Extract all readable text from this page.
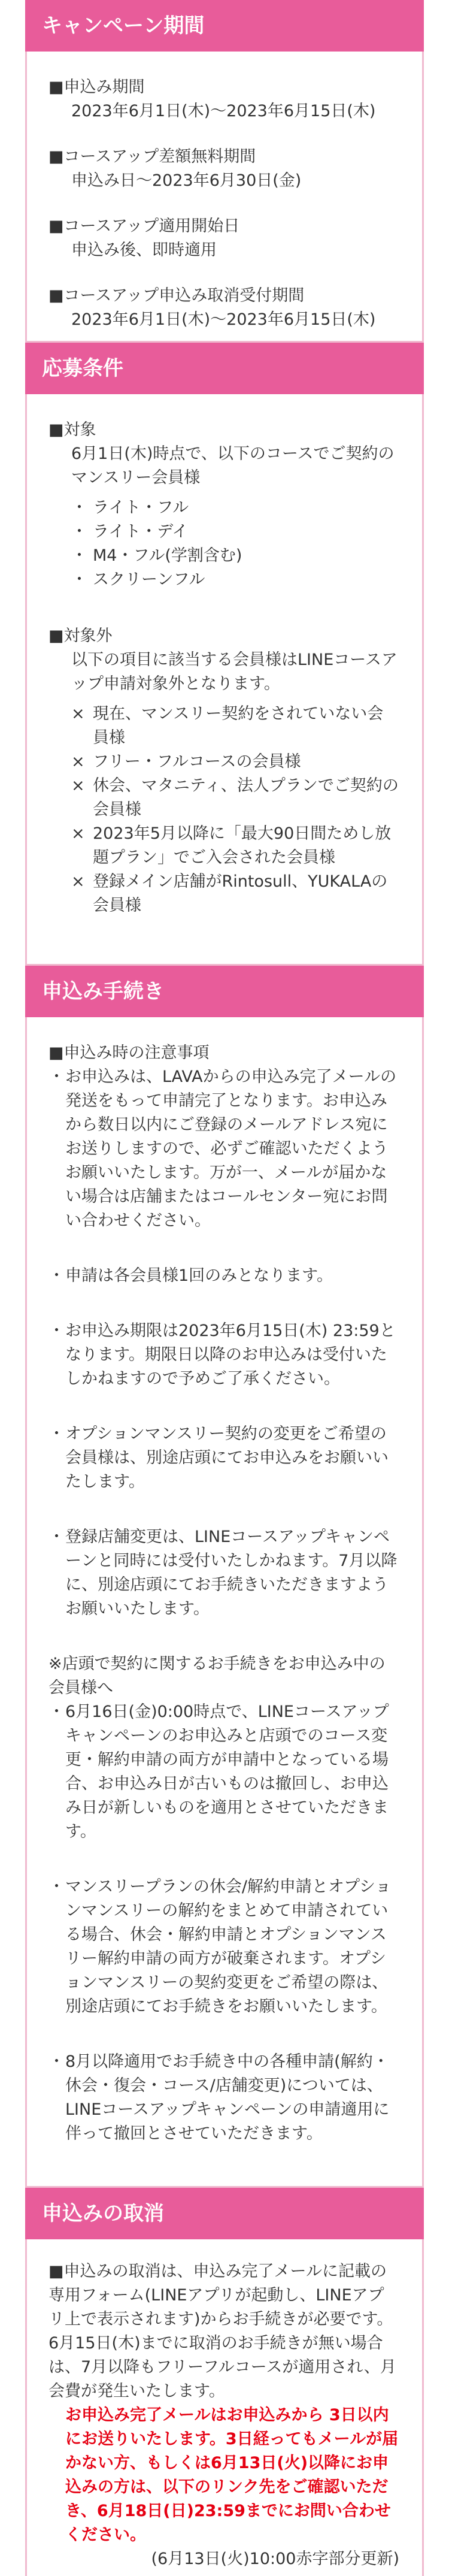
キャンペーン期間
■申込み期間
2023年6月1日(木)〜2023年6月15日(木)
■コースアップ差額無料期間
申込み日〜2023年6月30日(金)
■コースアップ適用開始日
申込み後、即時適用
■コースアップ申込み取消受付期間
2023年6月1日(木)〜2023年6月15日(木)
応募条件
■対象
6月1日(木)時点で、以下のコースでご契約のマンスリー会員様
・ ライト・フル
・ ライト・デイ
・ M4・フル(学割含む)
・ スクリーンフル
■対象外
以下の項目に該当する会員様はLINEコースアップ申請対象外となります。
× 現在、マンスリー契約をされていない会員様
× フリー・フルコースの会員様
× 休会、マタニティ、法人プランでご契約の会員様
× 2023年5月以降に「最大90日間ためし放題プラン」でご入会された会員様
× 登録メイン店舗がRintosull、YUKALAの会員様
申込み手続き
■申込み時の注意事項
・ お申込みは、LAVAからの申込み完了メールの発送をもって申請完了となります。お申込みから数日以内にご登録のメールアドレス宛にお送りしますので、必ずご確認いただくようお願いいたします。万が一、メールが届かない場合は店舗またはコールセンター宛にお問い合わせください。
・ 申請は各会員様1回のみとなります。
・ お申込み期限は2023年6月15日(木) 23:59となります。期限日以降のお申込みは受付いたしかねますので予めご了承ください。
・ オプションマンスリー契約の変更をご希望の会員様は、別途店頭にてお申込みをお願いいたします。
・ 登録店舗変更は、LINEコースアップキャンペーンと同時には受付いたしかねます。7月以降に、別途店頭にてお手続きいただきますようお願いいたします。
※店頭で契約に関するお手続きをお申込み中の会員様へ
・ 6月16日(金)0:00時点で、LINEコースアップキャンペーンのお申込みと店頭でのコース変更・解約申請の両方が申請中となっている場合、お申込み日が古いものは撤回し、お申込み日が新しいものを適用とさせていただきます。
・ マンスリープランの休会/解約申請とオプションマンスリーの解約をまとめて申請されている場合、休会・解約申請とオプションマンスリー解約申請の両方が破棄されます。オプションマンスリーの契約変更をご希望の際は、別途店頭にてお手続きをお願いいたします。
・ 8月以降適用でお手続き中の各種申請(解約・休会・復会・コース/店舗変更)については、LINEコースアップキャンペーンの申請適用に伴って撤回とさせていただきます。
申込みの取消
■申込みの取消は、申込み完了メールに記載の専用フォーム(LINEアプリが起動し、LINEアプリ上で表示されます)からお手続きが必要です。6月15日(木)までに取消のお手続きが無い場合は、7月以降もフリーフルコースが適用され、月会費が発生いたします。
お申込み完了メールはお申込みから 3日以内にお送りいたします。3日経ってもメールが届かない方、もしくは6月13日(火)以降にお申込みの方は、以下のリンク先をご確認いただき、6月18日(日)23:59までにお問い合わせください。
(6月13日(火)10:00赤字部分更新)
